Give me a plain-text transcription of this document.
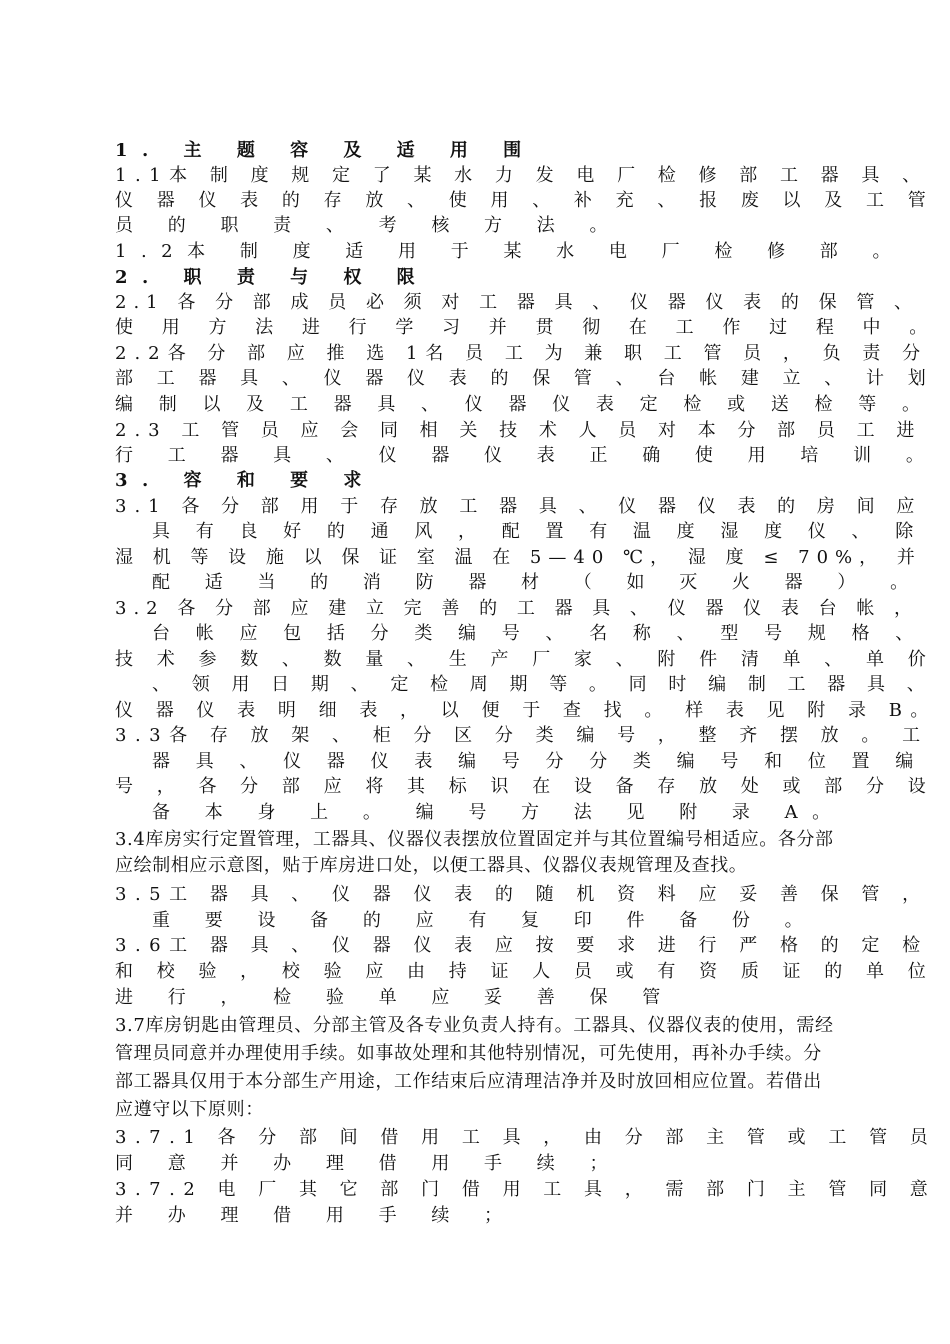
1. 主 题 容 及 适 用 围
1.1本 制 度 规 定 了 某 水 力 发 电 厂 检 修 部 工 器 具 、
仪 器 仪 表 的 存 放 、 使 用 、 补 充 、 报 废 以 及 工 管
员 的 职 责 、 考 核 方 法 。
1.2本 制 度 适 用 于 某 水 电 厂 检 修 部 。
2. 职 责 与 权 限
2.1 各 分 部 成 员 必 须 对 工 器 具 、 仪 器 仪 表 的 保 管 、
使 用 方 法 进 行 学 习 并 贯 彻 在 工 作 过 程 中 。
2.2各 分 部 应 推 选 1名 员 工 为 兼 职 工 管 员 ， 负 责 分
部 工 器 具 、 仪 器 仪 表 的 保 管 、 台 帐 建 立 、 计 划
编 制 以 及 工 器 具 、 仪 器 仪 表 定 检 或 送 检 等 。
2.3 工 管 员 应 会 同 相 关 技 术 人 员 对 本 分 部 员 工 进
行 工 器 具 、 仪 器 仪 表 正 确 使 用 培 训 。
3. 容 和 要 求
3.1 各 分 部 用 于 存 放 工 器 具 、 仪 器 仪 表 的 房 间 应
具 有 良 好 的 通 风 ， 配 置 有 温 度 湿 度 仪 、 除
湿 机 等 设 施 以 保 证 室 温 在 5—40 ℃， 湿 度 ≤ 70%， 并
配 适 当 的 消 防 器 材 （ 如 灭 火 器 ） 。
3.2 各 分 部 应 建 立 完 善 的 工 器 具 、 仪 器 仪 表 台 帐 ，
台 帐 应 包 括 分 类 编 号 、 名 称 、 型 号 规 格 、
技 术 参 数 、 数 量 、 生 产 厂 家 、 附 件 清 单 、 单 价
、 领 用 日 期 、 定 检 周 期 等 。 同 时 编 制 工 器 具 、
仪 器 仪 表 明 细 表 ， 以 便 于 查 找 。 样 表 见 附 录 B。
3.3各 存 放 架 、 柜 分 区 分 类 编 号 ， 整 齐 摆 放 。 工
器 具 、 仪 器 仪 表 编 号 分 分 类 编 号 和 位 置 编
号 ， 各 分 部 应 将 其 标 识 在 设 备 存 放 处 或 部 分 设
备 本 身 上 。 编 号 方 法 见 附 录 A。
3.4库房实行定置管理，工器具、仪器仪表摆放位置固定并与其位置编号相适应。各分部
应绘制相应示意图，贴于库房进口处，以便工器具、仪器仪表规管理及查找。
3.5工 器 具 、 仪 器 仪 表 的 随 机 资 料 应 妥 善 保 管 ，
重 要 设 备 的 应 有 复 印 件 备 份 。
3.6工 器 具 、 仪 器 仪 表 应 按 要 求 进 行 严 格 的 定 检
和 校 验 ， 校 验 应 由 持 证 人 员 或 有 资 质 证 的 单 位
进 行 ， 检 验 单 应 妥 善 保 管
3.7库房钥匙由管理员、分部主管及各专业负责人持有。工器具、仪器仪表的使用，需经
管理员同意并办理使用手续。如事故处理和其他特别情况，可先使用，再补办手续。分
部工器具仅用于本分部生产用途，工作结束后应清理洁净并及时放回相应位置。若借出
应遵守以下原则：
3.7.1 各 分 部 间 借 用 工 具 ， 由 分 部 主 管 或 工 管 员
同 意 并 办 理 借 用 手 续 ；
3.7.2 电 厂 其 它 部 门 借 用 工 具 ， 需 部 门 主 管 同 意
并 办 理 借 用 手 续 ；
